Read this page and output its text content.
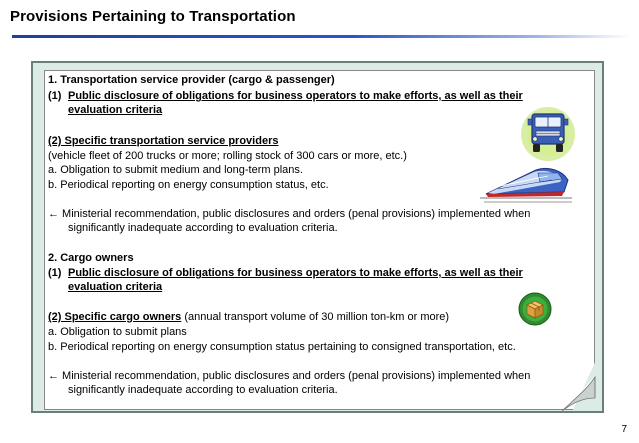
Provisions Pertaining to Transportation
1. Transportation service provider (cargo & passenger)
(1) Public disclosure of obligations for business operators to make efforts, as well as their
evaluation criteria
(2) Specific transportation service providers
(vehicle fleet of 200 trucks or more; rolling stock of 300 cars or more, etc.)
a. Obligation to submit medium and long-term plans.
b. Periodical reporting on energy consumption status, etc.
← Ministerial recommendation, public disclosures and orders (penal provisions) implemented when
significantly inadequate according to evaluation criteria.
2. Cargo owners
(1) Public disclosure of obligations for business operators to make efforts, as well as their
evaluation criteria
(2) Specific cargo owners (annual transport volume of 30 million ton-km or more)
a. Obligation to submit plans
b. Periodical reporting on energy consumption status pertaining to consigned transportation, etc.
← Ministerial recommendation, public disclosures and orders (penal provisions) implemented when
significantly inadequate according to evaluation criteria.
7
